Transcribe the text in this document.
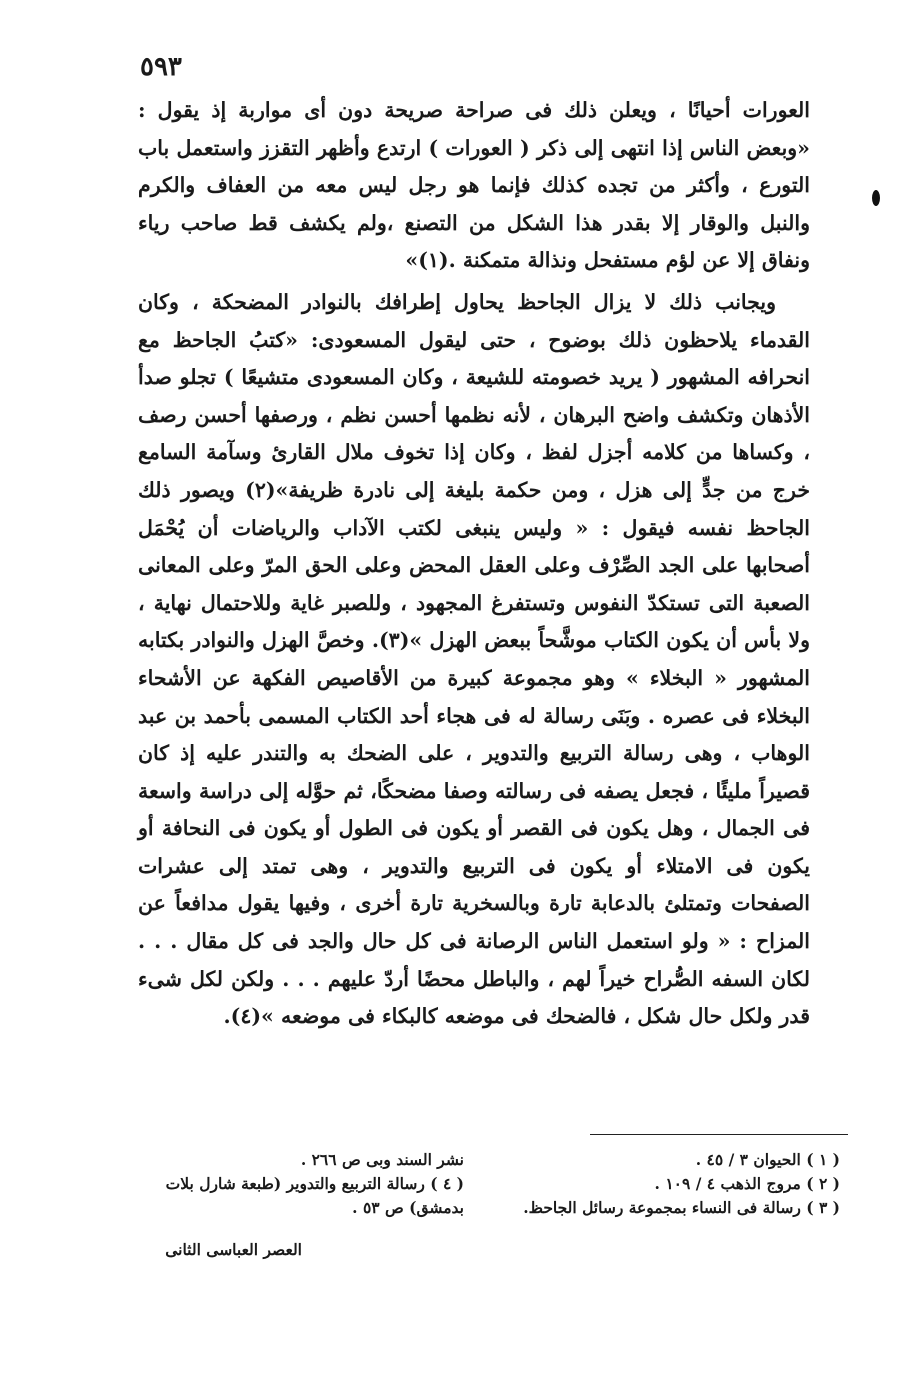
٥٩٣

العورات أحيانًا ، ويعلن ذلك فى صراحة صريحة دون أى مواربة إذ يقول : «وبعض الناس إذا انتهى إلى ذكر ( العورات ) ارتدع وأظهر التقزز واستعمل باب التورع ، وأكثر من تجده كذلك فإنما هو رجل ليس معه من العفاف والكرم والنبل والوقار إلا بقدر هذا الشكل من التصنع ،ولم يكشف قط صاحب رياء ونفاق إلا عن لؤم مستفحل ونذالة متمكنة .(١)»

ويجانب ذلك لا يزال الجاحظ يحاول إطرافك بالنوادر المضحكة ، وكان القدماء يلاحظون ذلك بوضوح ، حتى ليقول المسعودى: «كتبُ الجاحظ مع انحرافه المشهور ( يريد خصومته للشيعة ، وكان المسعودى متشيعًا ) تجلو صدأ الأذهان وتكشف واضح البرهان ، لأنه نظمها أحسن نظم ، ورصفها أحسن رصف ، وكساها من كلامه أجزل لفظ ، وكان إذا تخوف ملال القارئ وسآمة السامع خرج من جدٍّ إلى هزل ، ومن حكمة بليغة إلى نادرة ظريفة»(٢) ويصور ذلك الجاحظ نفسه فيقول : « وليس ينبغى لكتب الآداب والرياضات أن يُحْمَل أصحابها على الجد الصِّرْف وعلى العقل المحض وعلى الحق المرّ وعلى المعانى الصعبة التى تستكدّ النفوس وتستفرغ المجهود ، وللصبر غاية وللاحتمال نهاية ، ولا بأس أن يكون الكتاب موشَّحاً ببعض الهزل »(٣). وخصَّ الهزل والنوادر بكتابه المشهور « البخلاء » وهو مجموعة كبيرة من الأقاصيص الفكهة عن الأشحاء البخلاء فى عصره . وبَنَى رسالة له فى هجاء أحد الكتاب المسمى بأحمد بن عبد الوهاب ، وهى رسالة التربيع والتدوير ، على الضحك به والتندر عليه إذ كان قصيراً مليئًا ، فجعل يصفه فى رسالته وصفا مضحكًا، ثم حوَّله إلى دراسة واسعة فى الجمال ، وهل يكون فى القصر أو يكون فى الطول أو يكون فى النحافة أو يكون فى الامتلاء أو يكون فى التربيع والتدوير ، وهى تمتد إلى عشرات الصفحات وتمتلئ بالدعابة تارة وبالسخرية تارة أخرى ، وفيها يقول مدافعاً عن المزاح : « ولو استعمل الناس الرصانة فى كل حال والجد فى كل مقال . . . لكان السفه الصُّراح خيراً لهم ، والباطل محضًا أردّ عليهم . . . ولكن لكل شىء قدر ولكل حال شكل ، فالضحك فى موضعه كالبكاء فى موضعه »(٤).

( ١ ) الحيوان ٣ / ٤٥ .
( ٢ ) مروج الذهب ٤ / ١٠٩ .
( ٣ ) رسالة فى النساء بمجموعة رسائل الجاحظ.
نشر السند وبى ص ٢٦٦ .
( ٤ ) رسالة التربيع والتدوير (طبعة شارل بلات بدمشق) ص ٥٣ .
العصر العباسى الثانى
